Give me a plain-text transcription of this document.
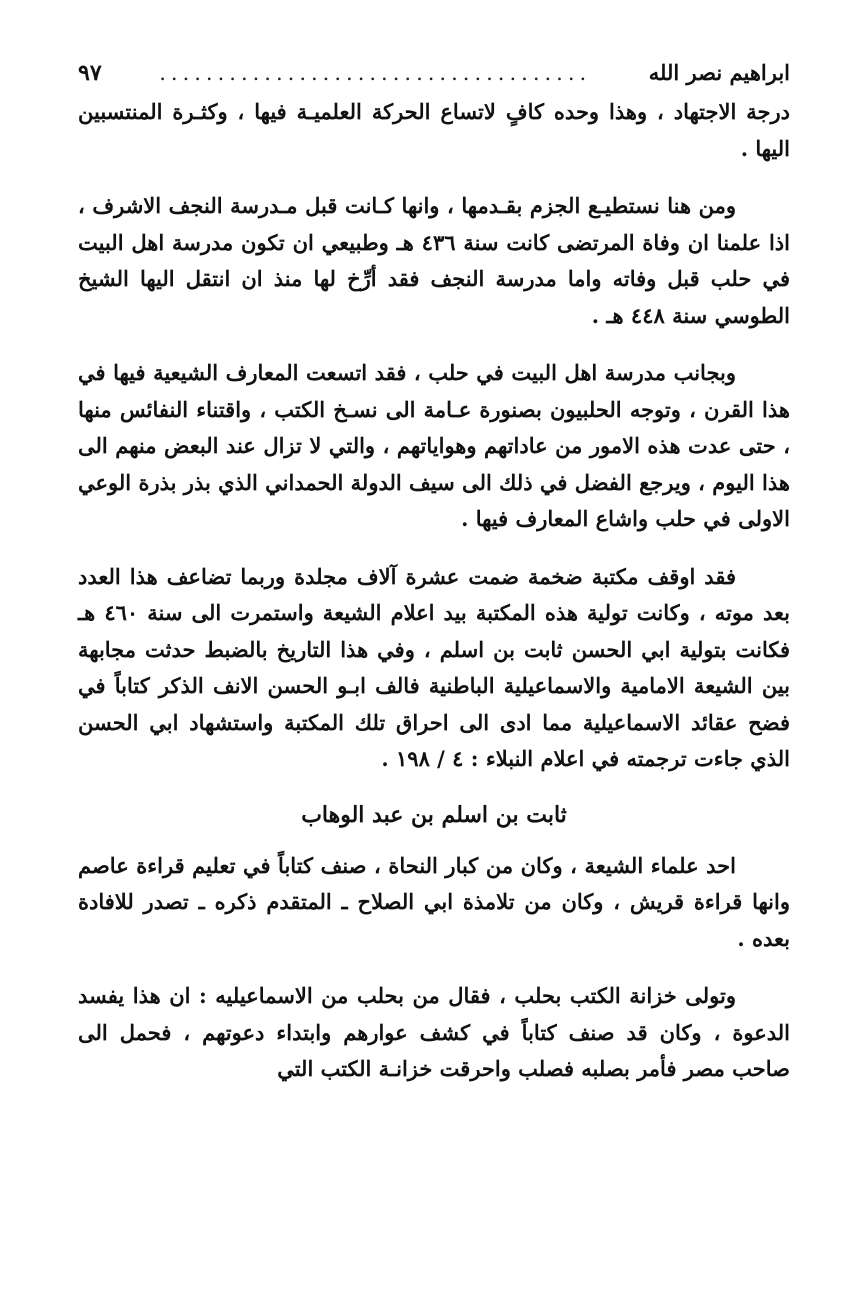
ابراهيم نصر الله
.....................................
٩٧

درجة الاجتهاد ، وهذا وحده كافٍ لاتساع الحركة العلميـة فيها ، وكثـرة المنتسبين اليها .

ومن هنا نستطيـع الجزم بقـدمها ، وانها كـانت قبل مـدرسة النجف الاشرف ، اذا علمنا ان وفاة المرتضى كانت سنة ٤٣٦ هـ وطبيعي ان تكون مدرسة اهل البيت في حلب قبل وفاته واما مدرسة النجف فقد أرِّخ لها منذ ان انتقل اليها الشيخ الطوسي سنة ٤٤٨ هـ .

وبجانب مدرسة اهل البيت في حلب ، فقد اتسعت المعارف الشيعية فيها في هذا القرن ، وتوجه الحلبيون بصنورة عـامة الى نسـخ الكتب ، واقتناء النفائس منها ، حتى عدت هذه الامور من عاداتهم وهواياتهم ، والتي لا تزال عند البعض منهم الى هذا اليوم ، ويرجع الفضل في ذلك الى سيف الدولة الحمداني الذي بذر بذرة الوعي الاولى في حلب واشاع المعارف فيها .

فقد اوقف مكتبة ضخمة ضمت عشرة آلاف مجلدة وربما تضاعف هذا العدد بعد موته ، وكانت تولية هذه المكتبة بيد اعلام الشيعة واستمرت الى سنة ٤٦٠ هـ فكانت بتولية ابي الحسن ثابت بن اسلم ، وفي هذا التاريخ بالضبط حدثت مجابهة بين الشيعة الامامية والاسماعيلية الباطنية فالف ابـو الحسن الانف الذكر كتاباً في فضح عقائد الاسماعيلية مما ادى الى احراق تلك المكتبة واستشهاد ابي الحسن الذي جاءت ترجمته في اعلام النبلاء : ٤ / ١٩٨ .

ثابت بن اسلم بن عبد الوهاب

احد علماء الشيعة ، وكان من كبار النحاة ، صنف كتاباً في تعليم قراءة عاصم وانها قراءة قريش ، وكان من تلامذة ابي الصلاح ـ المتقدم ذكره ـ تصدر للافادة بعده .

وتولى خزانة الكتب بحلب ، فقال من بحلب من الاسماعيليه : ان هذا يفسد الدعوة ، وكان قد صنف كتاباً في كشف عوارهم وابتداء دعوتهم ، فحمل الى صاحب مصر فأمر بصلبه فصلب واحرقت خزانـة الكتب التي
